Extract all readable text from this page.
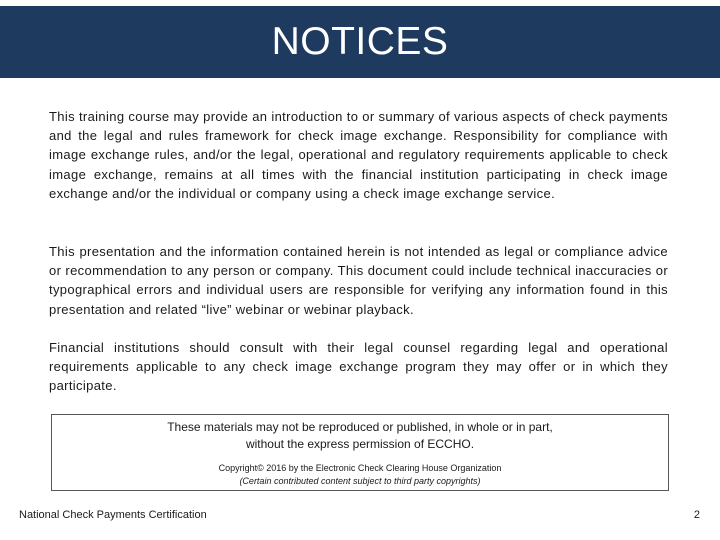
NOTICES

This training course may provide an introduction to or summary of various aspects of check payments and the legal and rules framework for check image exchange. Responsibility for compliance with image exchange rules, and/or the legal, operational and regulatory requirements applicable to check image exchange, remains at all times with the financial institution participating in check image exchange and/or the individual or company using a check image exchange service.

This presentation and the information contained herein is not intended as legal or compliance advice or recommendation to any person or company. This document could include technical inaccuracies or typographical errors and individual users are responsible for verifying any information found in this presentation and related “live” webinar or webinar playback.

Financial institutions should consult with their legal counsel regarding legal and operational requirements applicable to any check image exchange program they may offer or in which they participate.

These materials may not be reproduced or published, in whole or in part,
without the express permission of ECCHO.

Copyright© 2016 by the Electronic Check Clearing House Organization
(Certain contributed content subject to third party copyrights)

National Check Payments Certification	2
